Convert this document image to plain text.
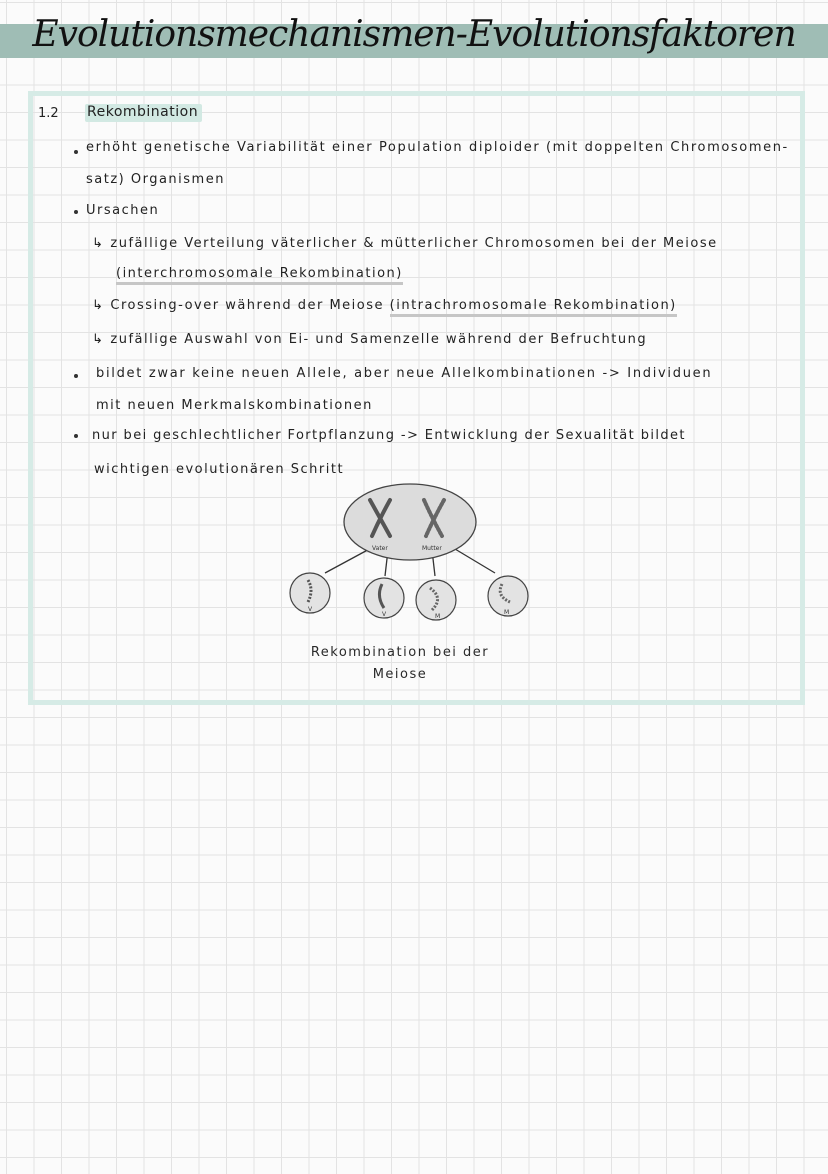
Evolutionsmechanismen-Evolutionsfaktoren
1.2 Rekombination
erhöht genetische Variabilität einer Population diploider (mit doppelten Chromosomen-
satz) Organismen
Ursachen
↳ zufällige Verteilung väterlicher & mütterlicher Chromosomen bei der Meiose
(interchromosomale Rekombination)
↳ Crossing-over während der Meiose (intrachromosomale Rekombination)
↳ zufällige Auswahl von Ei- und Samenzelle während der Befruchtung
bildet zwar keine neuen Allele, aber neue Allelkombinationen -> Individuen
mit neuen Merkmalskombinationen
nur bei geschlechtlicher Fortpflanzung -> Entwicklung der Sexualität bildet
wichtigen evolutionären Schritt
Vater	Mutter
V
V	M
M
Rekombination bei der
Meiose
